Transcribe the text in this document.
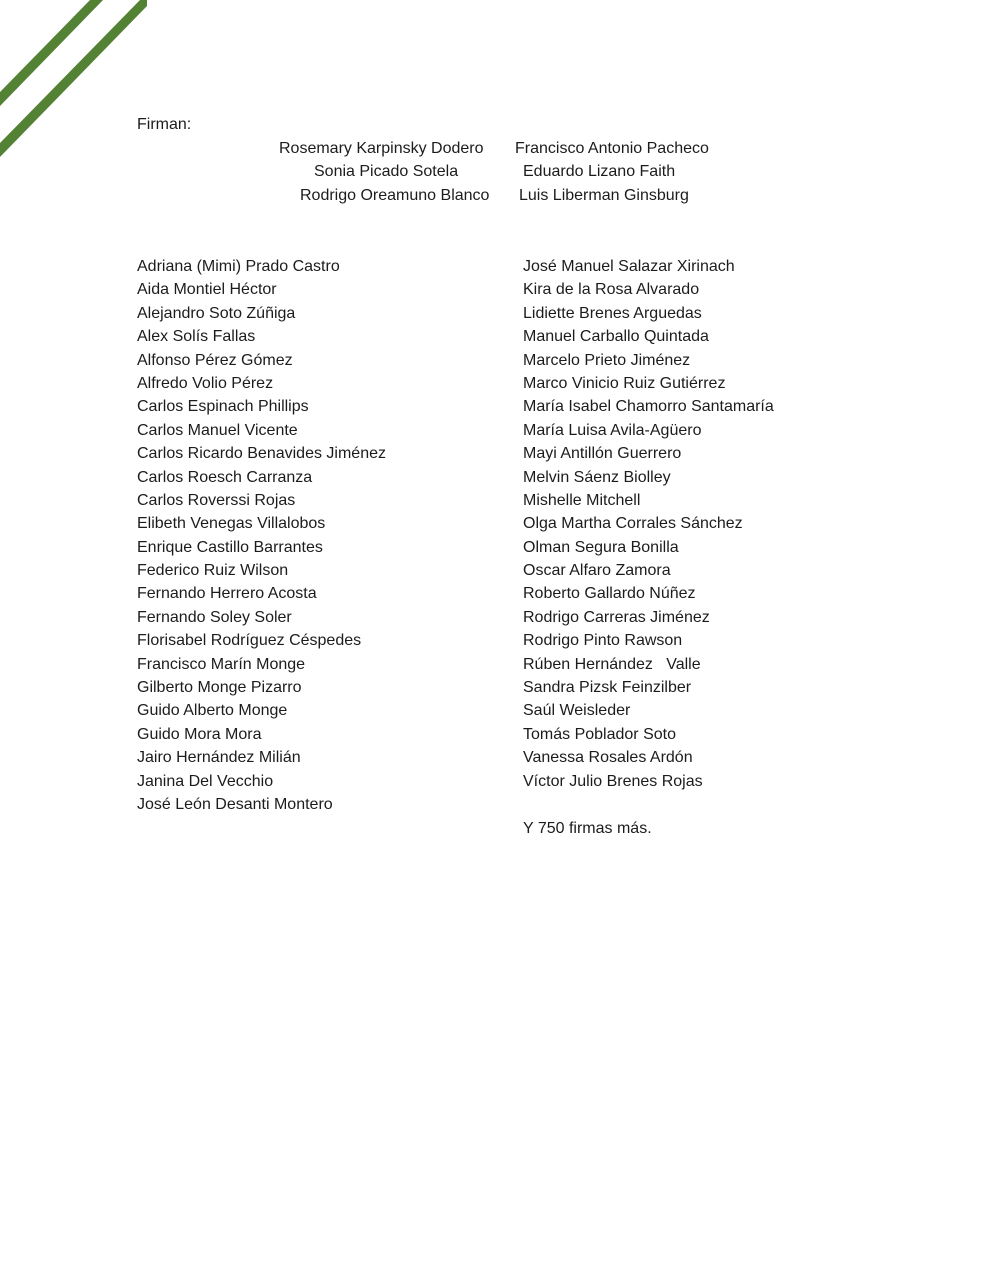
Firman:
Rosemary Karpinsky Dodero Francisco Antonio Pacheco
Sonia Picado Sotela	Eduardo Lizano Faith
Rodrigo Oreamuno Blanco Luis Liberman Ginsburg
Adriana (Mimi) Prado Castro
Aida Montiel Héctor
Alejandro Soto Zúñiga
Alex Solís Fallas
Alfonso Pérez Gómez
Alfredo Volio Pérez
Carlos Espinach Phillips
Carlos Manuel Vicente
Carlos Ricardo Benavides Jiménez
Carlos Roesch Carranza
Carlos Roverssi Rojas
Elibeth Venegas Villalobos
Enrique Castillo Barrantes
Federico Ruiz Wilson
Fernando Herrero Acosta
Fernando Soley Soler
Florisabel Rodríguez Céspedes
Francisco Marín Monge
Gilberto Monge Pizarro
Guido Alberto Monge
Guido Mora Mora
Jairo Hernández Milián
Janina Del Vecchio
José León Desanti Montero
José Manuel Salazar Xirinach
Kira de la Rosa Alvarado
Lidiette Brenes Arguedas
Manuel Carballo Quintada
Marcelo Prieto Jiménez
Marco Vinicio Ruiz Gutiérrez
María Isabel Chamorro Santamaría
María Luisa Avila-Agüero
Mayi Antillón Guerrero
Melvin Sáenz Biolley
Mishelle Mitchell
Olga Martha Corrales Sánchez
Olman Segura Bonilla
Oscar Alfaro Zamora
Roberto Gallardo Núñez
Rodrigo Carreras Jiménez
Rodrigo Pinto Rawson
Rúben Hernández   Valle
Sandra Pizsk Feinzilber
Saúl Weisleder
Tomás Poblador Soto
Vanessa Rosales Ardón
Víctor Julio Brenes Rojas
Y 750 firmas más.
